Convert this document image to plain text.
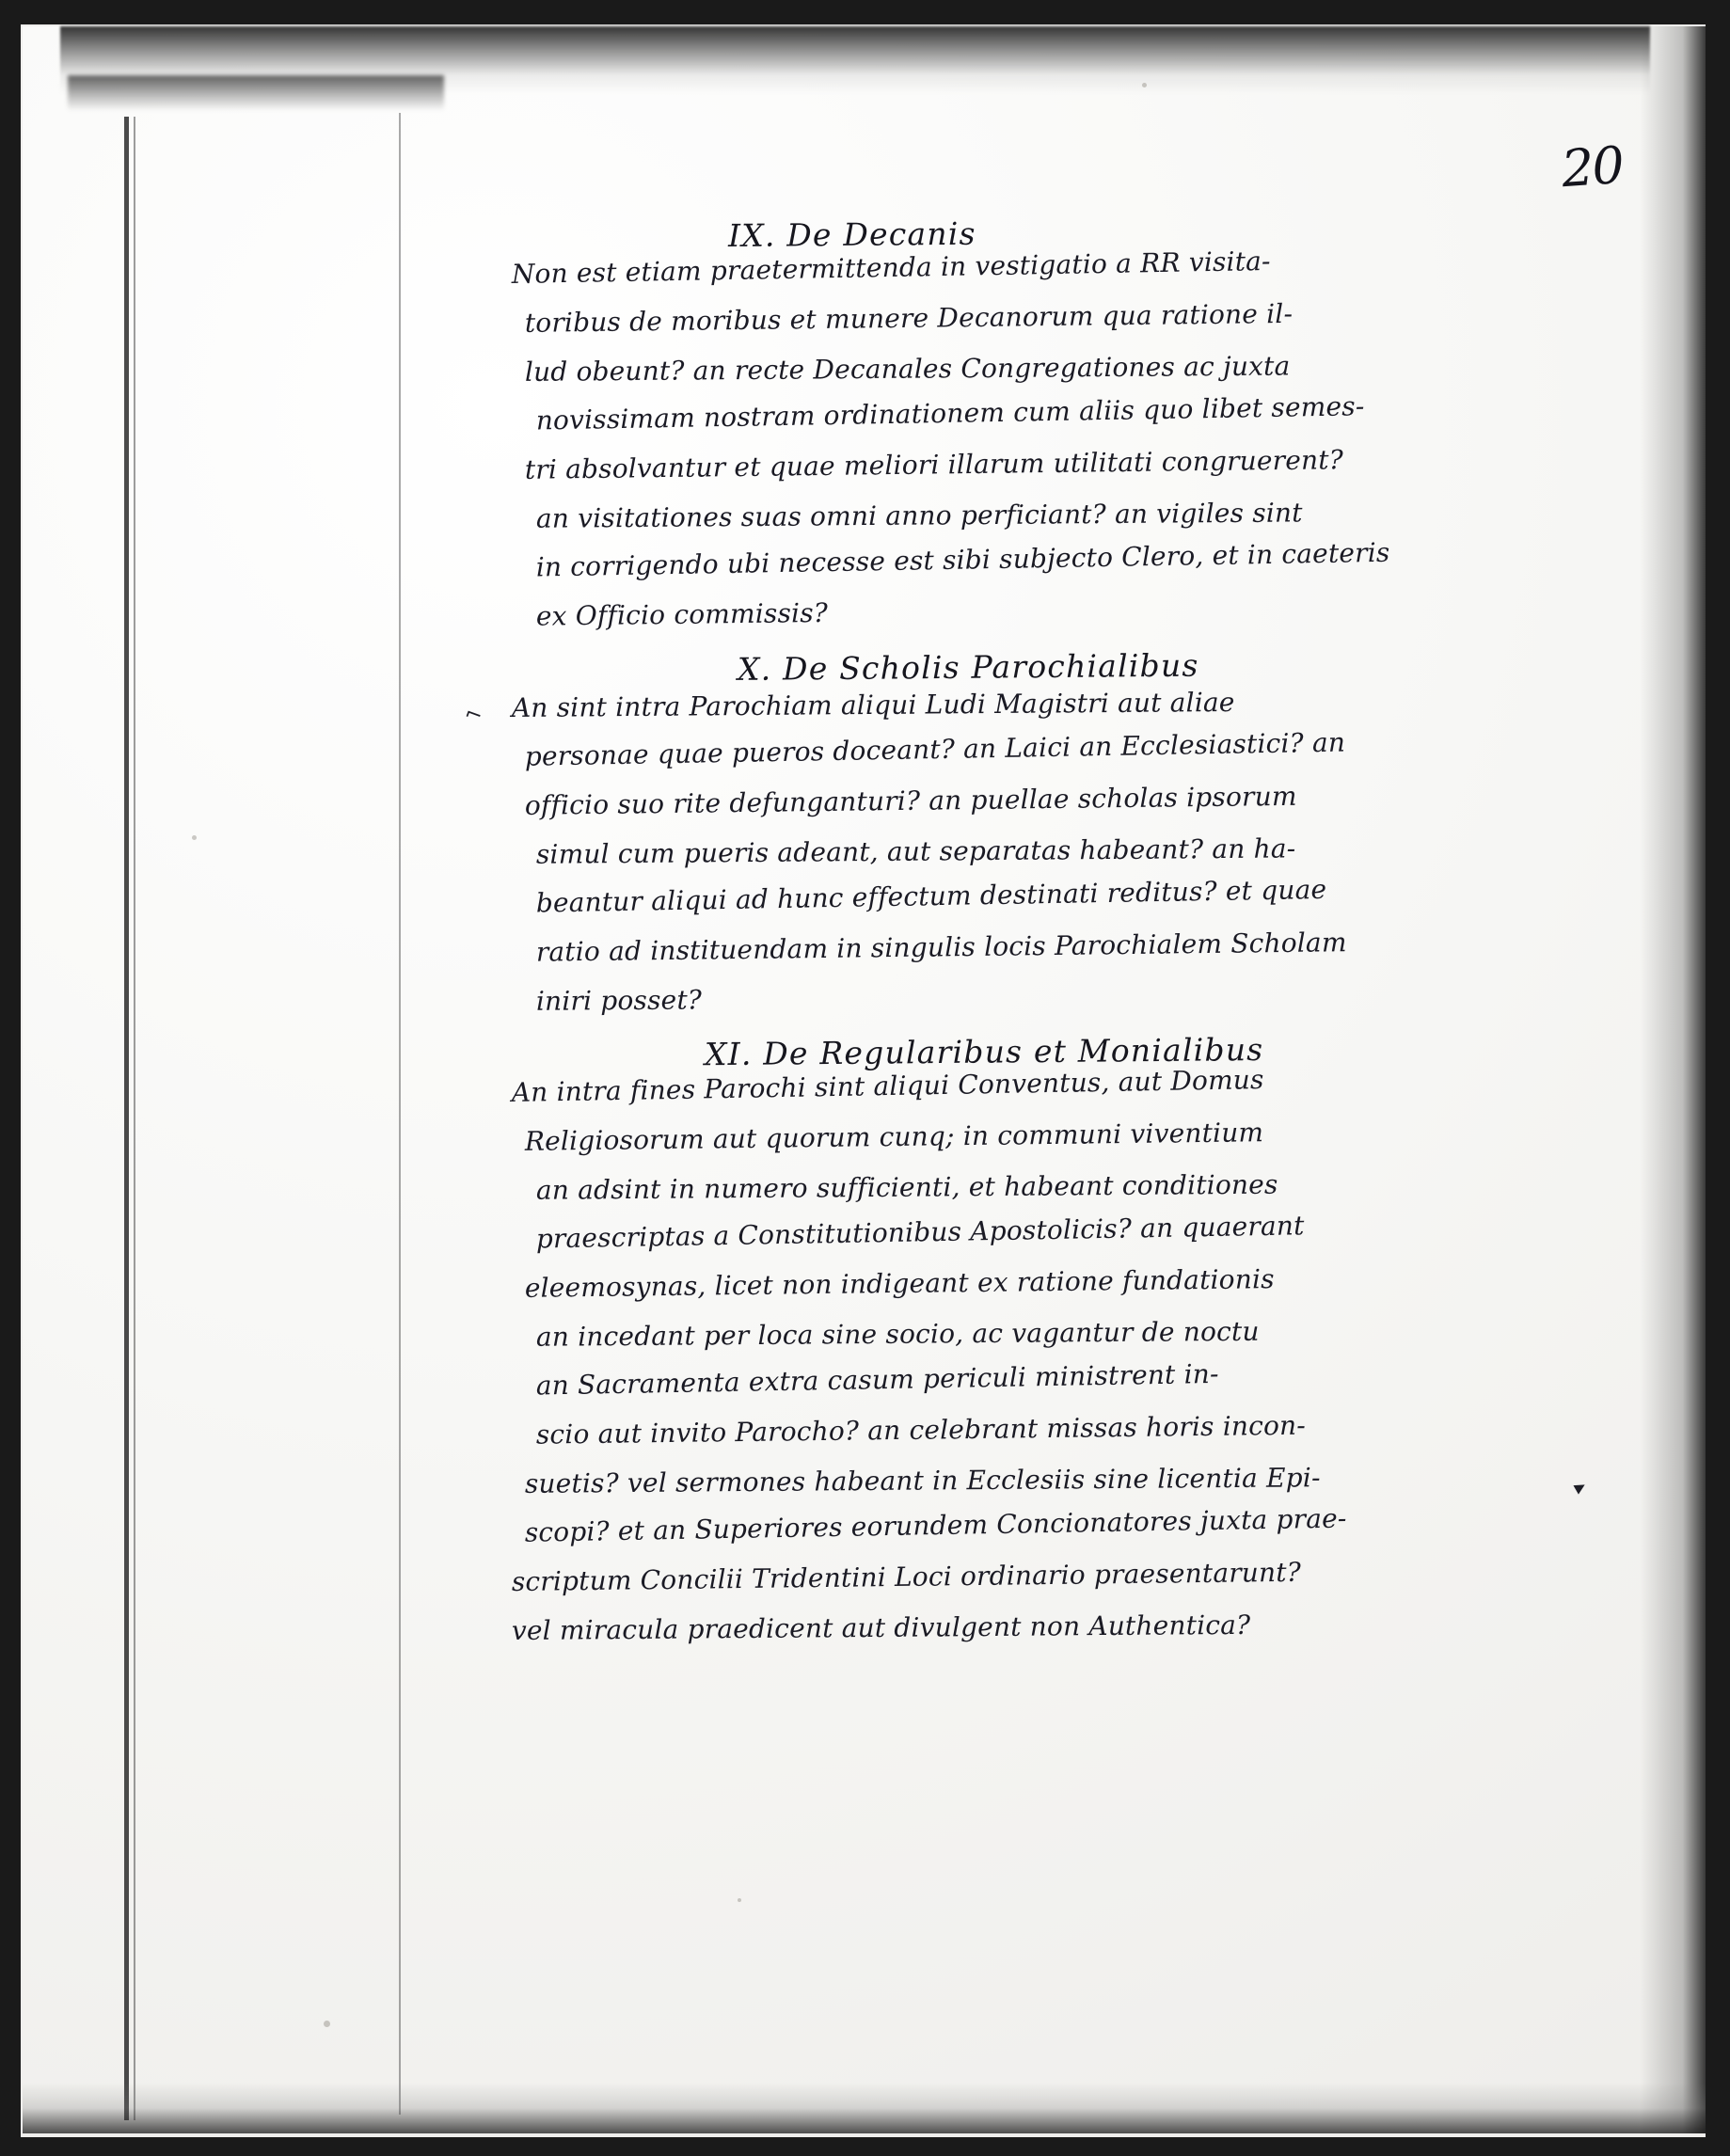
20
IX. De Decanis
Non est etiam praetermittenda in vestigatio a RR visita-
toribus de moribus et munere Decanorum qua ratione il-
lud obeunt? an recte Decanales Congregationes ac juxta
novissimam nostram ordinationem cum aliis quo libet semes-
tri absolvantur et quae meliori illarum utilitati congruerent?
an visitationes suas omni anno perficiant? an vigiles sint
in corrigendo ubi necesse est sibi subjecto Clero, et in caeteris
ex Officio commissis?
X. De Scholis Parochialibus
An sint intra Parochiam aliqui Ludi Magistri aut aliae
personae quae pueros doceant? an Laici an Ecclesiastici? an
officio suo rite defunganturi? an puellae scholas ipsorum
simul cum pueris adeant, aut separatas habeant? an ha-
beantur aliqui ad hunc effectum destinati reditus? et quae
ratio ad instituendam in singulis locis Parochialem Scholam
iniri posset?
XI. De Regularibus et Monialibus
An intra fines Parochi sint aliqui Conventus, aut Domus
Religiosorum aut quorum cunq; in communi viventium
an adsint in numero sufficienti, et habeant conditiones
praescriptas a Constitutionibus Apostolicis? an quaerant
eleemosynas, licet non indigeant ex ratione fundationis
an incedant per loca sine socio, ac vagantur de noctu
an Sacramenta extra casum periculi ministrent in-
scio aut invito Parocho? an celebrant missas horis incon-
suetis? vel sermones habeant in Ecclesiis sine licentia Epi-
scopi? et an Superiores eorundem Concionatores juxta prae-
scriptum Concilii Tridentini Loci ordinario praesentarunt?
vel miracula praedicent aut divulgent non Authentica?
⌐
▸
